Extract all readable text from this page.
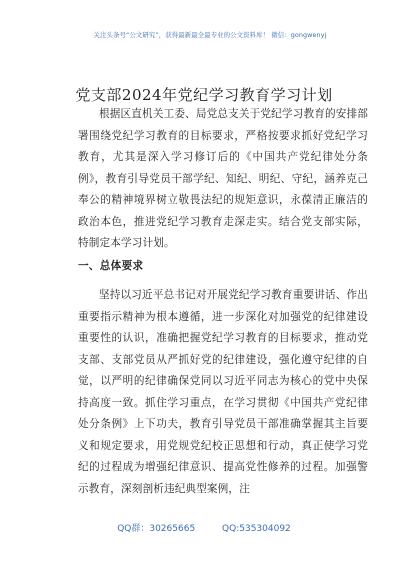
关注头条号“公文研究”，获得最新最全最专业的公文资料库！ 微信：gongwenyj
党支部2024年党纪学习教育学习计划
根据区直机关工委、局党总支关于党纪学习教育的安排部署围绕党纪学习教育的目标要求，严格按要求抓好党纪学习教育，尤其是深入学习修订后的《中国共产党纪律处分条例》，教育引导党员干部学纪、知纪、明纪、守纪，涵养克己奉公的精神境界树立敬畏法纪的规矩意识，永葆清正廉洁的政治本色，推进党纪学习教育走深走实。结合党支部实际，特制定本学习计划。
一、总体要求
坚持以习近平总书记对开展党纪学习教育重要讲话、作出重要指示精神为根本遵循，进一步深化对加强党的纪律建设重要性的认识，准确把握党纪学习教育的目标要求，推动党支部、支部党员从严抓好党的纪律建设，强化遵守纪律的自觉，以严明的纪律确保党同以习近平同志为核心的党中央保持高度一致。抓住学习重点，在学习贯彻《中国共产党纪律处分条例》上下功夫，教育引导党员干部准确掌握其主旨要义和规定要求，用党规党纪校正思想和行动，真正使学习党纪的过程成为增强纪律意识、提高党性修养的过程。加强警示教育，深刻剖析违纪典型案例，注
QQ群：30265665	QQ:535304092
